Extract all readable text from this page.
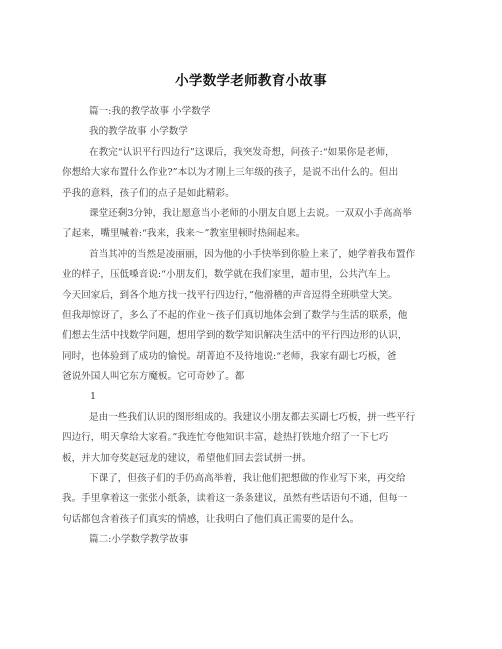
小学数学老师教育小故事
篇一:我的教学故事 小学数学
我的教学故事 小学数学
在教完“认识平行四边行”这课后，我突发奇想，问孩子:“如果你是老师，
你想给大家布置什么作业?”本以为才刚上三年级的孩子，是说不出什么的。但出
乎我的意料，孩子们的点子是如此精彩。
课堂还剩3分钟，我让愿意当小老师的小朋友自愿上去说。一双双小手高高举
了起来，嘴里喊着:“我来，我来～”教室里顿时热闹起来。
首当其冲的当然是凌丽丽，因为他的小手快举到你脸上来了，她学着我布置作
业的样子，压低嗓音说:“小朋友们，数学就在我们家里，超市里，公共汽车上。
今天回家后，到各个地方找一找平行四边行，”他滑稽的声音逗得全班哄堂大笑。
但我却惊讶了，多么了不起的作业～孩子们真切地体会到了数学与生活的联系，他
们想去生活中找数学问题，想用学到的数学知识解决生活中的平行四边形的认识，
同时，也体验到了成功的愉悦。胡菁迫不及待地说:“老师，我家有副七巧板，爸
爸说外国人叫它东方魔板。它可奇妙了。都
1
是由一些我们认识的图形组成的。我建议小朋友都去买副七巧板，拼一些平行
四边行，明天拿给大家看。”我连忙夸他知识丰富，趁热打铁地介绍了一下七巧
板，并大加夸奖赵冠龙的建议，希望他们回去尝试拼一拼。
下课了，但孩子们的手仍高高举着，我让他们把想做的作业写下来，再交给
我。手里拿着这一张张小纸条，读着这一条条建议，虽然有些话语句不通，但每一
句话都包含着孩子们真实的情感，让我明白了他们真正需要的是什么。
篇二:小学数学教学故事
